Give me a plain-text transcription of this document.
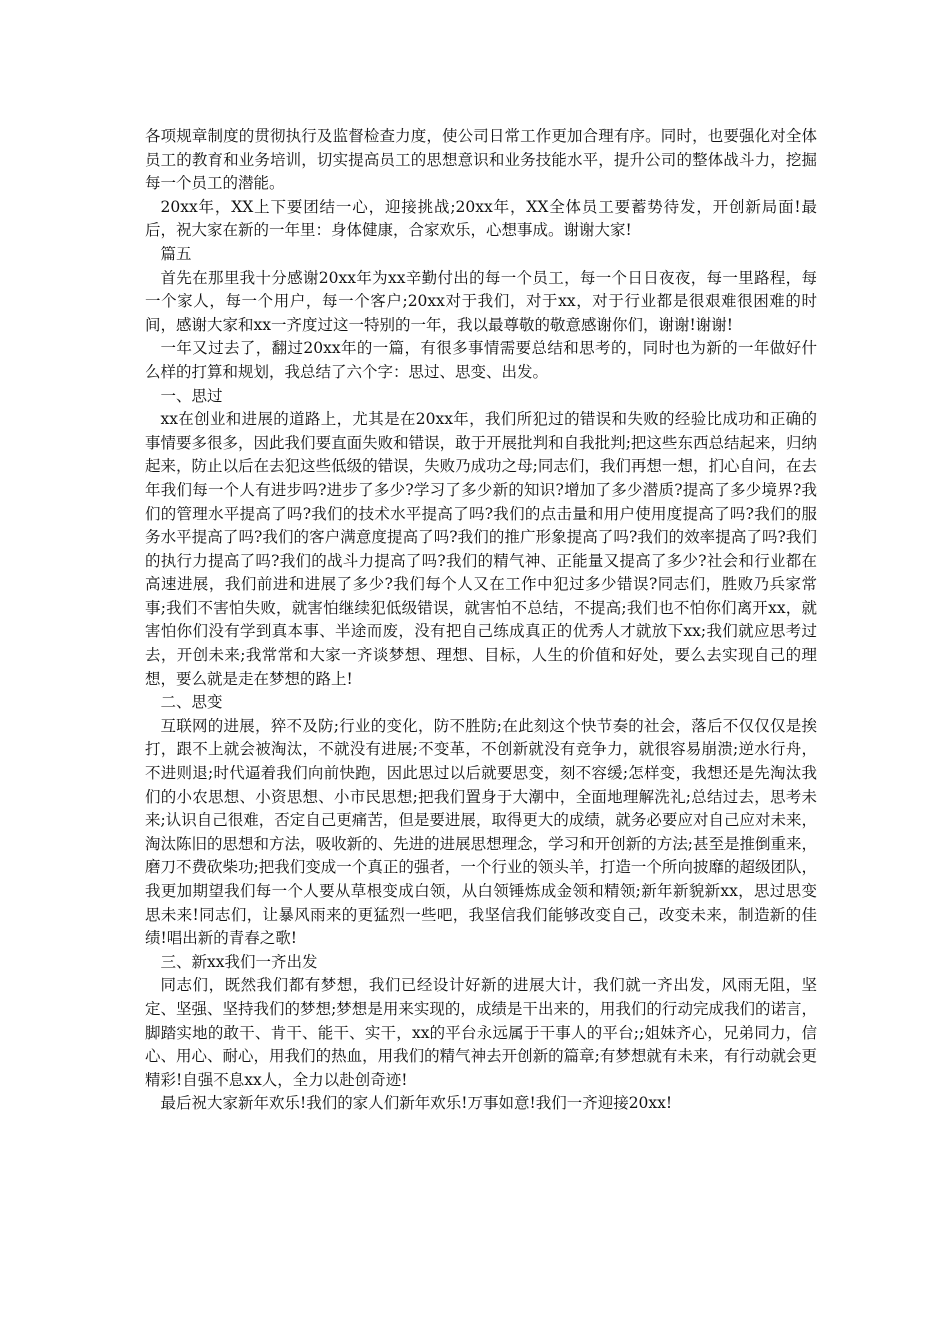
各项规章制度的贯彻执行及监督检查力度，使公司日常工作更加合理有序。同时，也要强化对全体员工的教育和业务培训，切实提高员工的思想意识和业务技能水平，提升公司的整体战斗力，挖掘每一个员工的潜能。

20xx年，XX上下要团结一心，迎接挑战;20xx年，XX全体员工要蓄势待发，开创新局面!最后，祝大家在新的一年里：身体健康，合家欢乐，心想事成。谢谢大家!

篇五

首先在那里我十分感谢20xx年为xx辛勤付出的每一个员工，每一个日日夜夜，每一里路程，每一个家人，每一个用户，每一个客户;20xx对于我们，对于xx，对于行业都是很艰难很困难的时间，感谢大家和xx一齐度过这一特别的一年，我以最尊敬的敬意感谢你们，谢谢!谢谢!

一年又过去了，翻过20xx年的一篇，有很多事情需要总结和思考的，同时也为新的一年做好什么样的打算和规划，我总结了六个字：思过、思变、出发。

一、思过

xx在创业和进展的道路上，尤其是在20xx年，我们所犯过的错误和失败的经验比成功和正确的事情要多很多，因此我们要直面失败和错误，敢于开展批判和自我批判;把这些东西总结起来，归纳起来，防止以后在去犯这些低级的错误，失败乃成功之母;同志们，我们再想一想，扪心自问，在去年我们每一个人有进步吗?进步了多少?学习了多少新的知识?增加了多少潜质?提高了多少境界?我们的管理水平提高了吗?我们的技术水平提高了吗?我们的点击量和用户使用度提高了吗?我们的服务水平提高了吗?我们的客户满意度提高了吗?我们的推广形象提高了吗?我们的效率提高了吗?我们的执行力提高了吗?我们的战斗力提高了吗?我们的精气神、正能量又提高了多少?社会和行业都在高速进展，我们前进和进展了多少?我们每个人又在工作中犯过多少错误?同志们，胜败乃兵家常事;我们不害怕失败，就害怕继续犯低级错误，就害怕不总结，不提高;我们也不怕你们离开xx，就害怕你们没有学到真本事、半途而废，没有把自己练成真正的优秀人才就放下xx;我们就应思考过去，开创未来;我常常和大家一齐谈梦想、理想、目标，人生的价值和好处，要么去实现自己的理想，要么就是走在梦想的路上!

二、思变

互联网的进展，猝不及防;行业的变化，防不胜防;在此刻这个快节奏的社会，落后不仅仅仅是挨打，跟不上就会被淘汰，不就没有进展;不变革，不创新就没有竞争力，就很容易崩溃;逆水行舟，不进则退;时代逼着我们向前快跑，因此思过以后就要思变，刻不容缓;怎样变，我想还是先淘汰我们的小农思想、小资思想、小市民思想;把我们置身于大潮中，全面地理解洗礼;总结过去，思考未来;认识自己很难，否定自己更痛苦，但是要进展，取得更大的成绩，就务必要应对自己应对未来，淘汰陈旧的思想和方法，吸收新的、先进的进展思想理念，学习和开创新的方法;甚至是推倒重来，磨刀不费砍柴功;把我们变成一个真正的强者，一个行业的领头羊，打造一个所向披靡的超级团队，我更加期望我们每一个人要从草根变成白领，从白领锤炼成金领和精领;新年新貌新xx，思过思变思未来!同志们，让暴风雨来的更猛烈一些吧，我坚信我们能够改变自己，改变未来，制造新的佳绩!唱出新的青春之歌!

三、新xx我们一齐出发

同志们，既然我们都有梦想，我们已经设计好新的进展大计，我们就一齐出发，风雨无阻，坚定、坚强、坚持我们的梦想;梦想是用来实现的，成绩是干出来的，用我们的行动完成我们的诺言，脚踏实地的敢干、肯干、能干、实干，xx的平台永远属于干事人的平台;;姐妹齐心，兄弟同力，信心、用心、耐心，用我们的热血，用我们的精气神去开创新的篇章;有梦想就有未来，有行动就会更精彩!自强不息xx人，全力以赴创奇迹!

最后祝大家新年欢乐!我们的家人们新年欢乐!万事如意!我们一齐迎接20xx!
